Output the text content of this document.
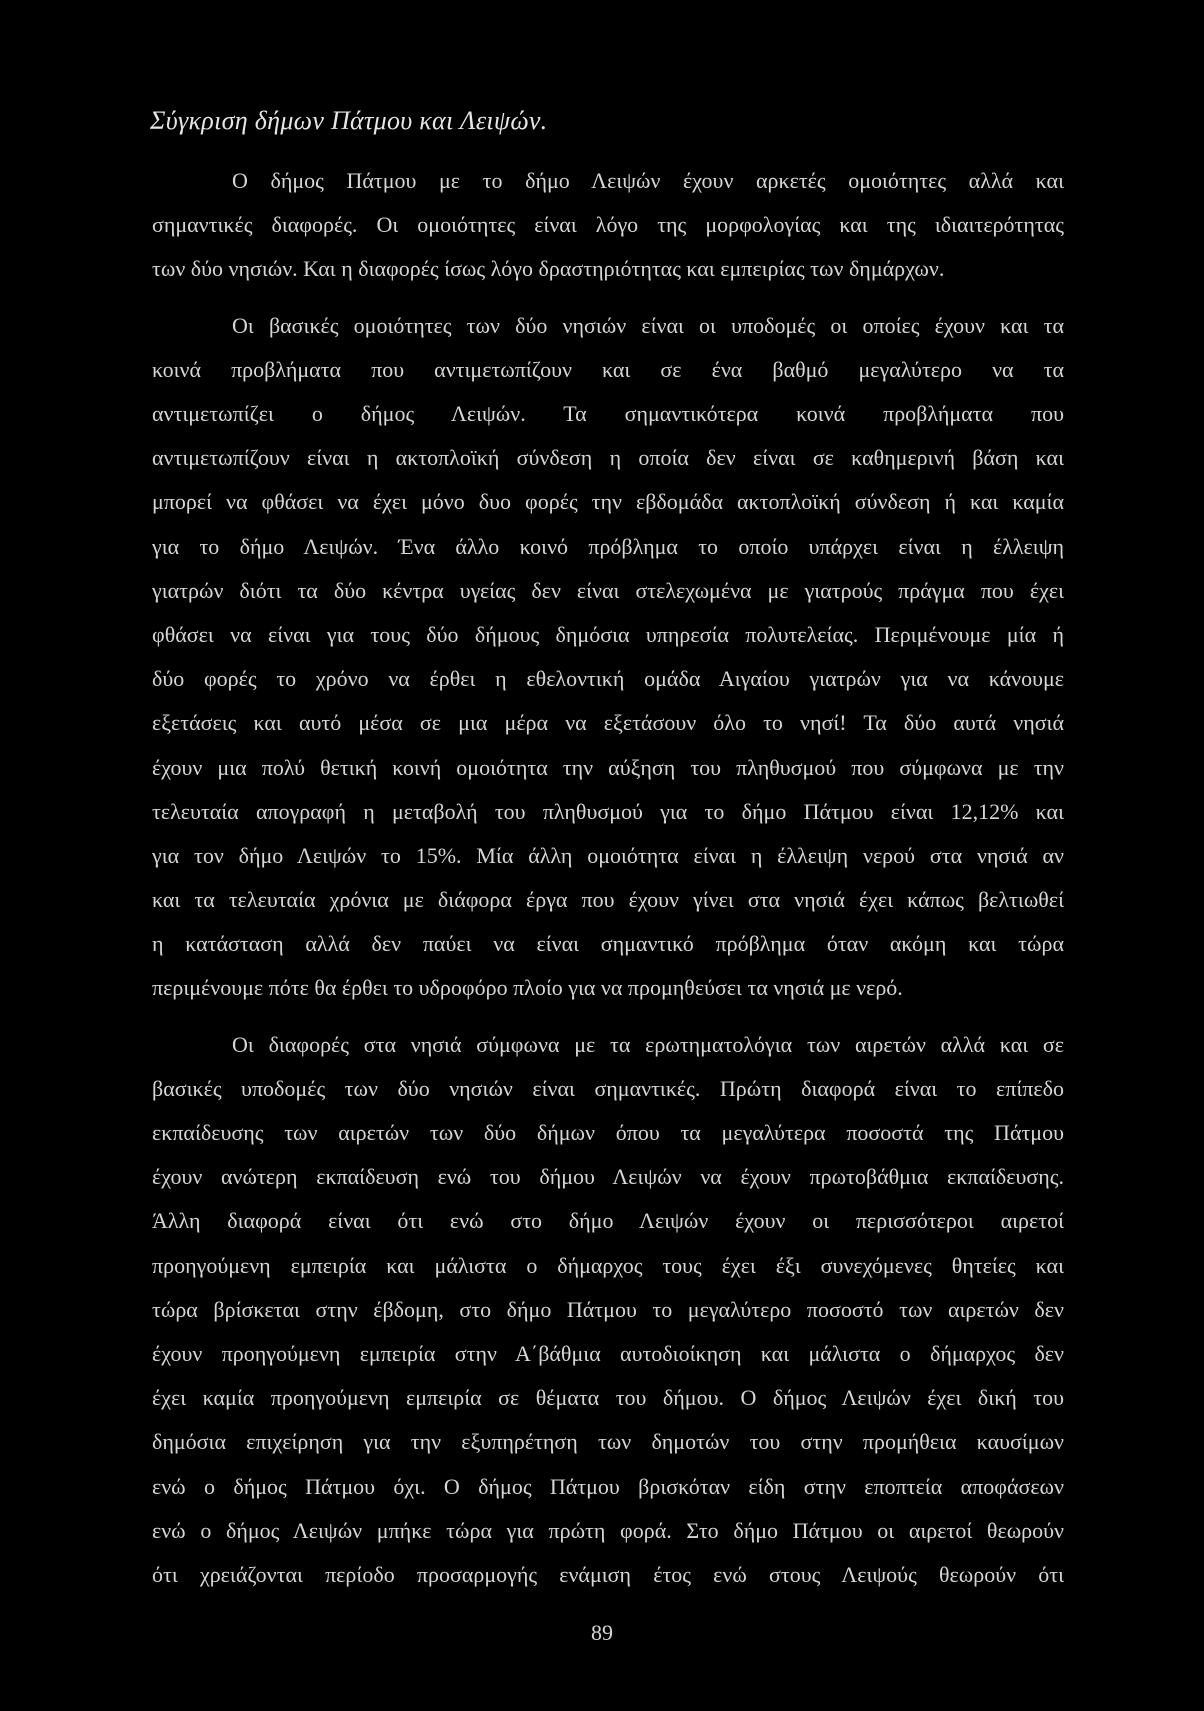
Σύγκριση δήμων Πάτμου και Λειψών.
Ο δήμος Πάτμου με το δήμο Λειψών έχουν αρκετές ομοιότητες αλλά και
σημαντικές διαφορές. Οι ομοιότητες είναι λόγο της μορφολογίας και της ιδιαιτερότητας
των δύο νησιών. Και η διαφορές ίσως λόγο δραστηριότητας και εμπειρίας των δημάρχων.
Οι βασικές ομοιότητες των δύο νησιών είναι οι υποδομές οι οποίες έχουν και τα
κοινά προβλήματα που αντιμετωπίζουν και σε ένα βαθμό μεγαλύτερο να τα
αντιμετωπίζει ο δήμος Λειψών. Τα σημαντικότερα κοινά προβλήματα που
αντιμετωπίζουν είναι η ακτοπλοϊκή σύνδεση η οποία δεν είναι σε καθημερινή βάση και
μπορεί να φθάσει να έχει μόνο δυο φορές την εβδομάδα ακτοπλοϊκή σύνδεση ή και καμία
για το δήμο Λειψών. Ένα άλλο κοινό πρόβλημα το οποίο υπάρχει είναι η έλλειψη
γιατρών διότι τα δύο κέντρα υγείας δεν είναι στελεχωμένα με γιατρούς πράγμα που έχει
φθάσει να είναι για τους δύο δήμους δημόσια υπηρεσία πολυτελείας. Περιμένουμε μία ή
δύο φορές το χρόνο να έρθει η εθελοντική ομάδα Αιγαίου γιατρών για να κάνουμε
εξετάσεις και αυτό μέσα σε μια μέρα να εξετάσουν όλο το νησί! Τα δύο αυτά νησιά
έχουν μια πολύ θετική κοινή ομοιότητα την αύξηση του πληθυσμού που σύμφωνα με την
τελευταία απογραφή η μεταβολή του πληθυσμού για το δήμο Πάτμου είναι 12,12% και
για τον δήμο Λειψών το 15%. Μία άλλη ομοιότητα είναι η έλλειψη νερού στα νησιά αν
και τα τελευταία χρόνια με διάφορα έργα που έχουν γίνει στα νησιά έχει κάπως βελτιωθεί
η κατάσταση αλλά δεν παύει να είναι σημαντικό πρόβλημα όταν ακόμη και τώρα
περιμένουμε πότε θα έρθει το υδροφόρο πλοίο για να προμηθεύσει τα νησιά με νερό.
Οι διαφορές στα νησιά σύμφωνα με τα ερωτηματολόγια των αιρετών αλλά και σε
βασικές υποδομές των δύο νησιών είναι σημαντικές. Πρώτη διαφορά είναι το επίπεδο
εκπαίδευσης των αιρετών των δύο δήμων όπου τα μεγαλύτερα ποσοστά της Πάτμου
έχουν ανώτερη εκπαίδευση ενώ του δήμου Λειψών να έχουν πρωτοβάθμια εκπαίδευσης.
Άλλη διαφορά είναι ότι ενώ στο δήμο Λειψών έχουν οι περισσότεροι αιρετοί
προηγούμενη εμπειρία και μάλιστα ο δήμαρχος τους έχει έξι συνεχόμενες θητείες και
τώρα βρίσκεται στην έβδομη, στο δήμο Πάτμου το μεγαλύτερο ποσοστό των αιρετών δεν
έχουν προηγούμενη εμπειρία στην Α΄βάθμια αυτοδιοίκηση και μάλιστα ο δήμαρχος δεν
έχει καμία προηγούμενη εμπειρία σε θέματα του δήμου. Ο δήμος Λειψών έχει δική του
δημόσια επιχείρηση για την εξυπηρέτηση των δημοτών του στην προμήθεια καυσίμων
ενώ ο δήμος Πάτμου όχι. Ο δήμος Πάτμου βρισκόταν είδη στην εποπτεία αποφάσεων
ενώ ο δήμος Λειψών μπήκε τώρα για πρώτη φορά. Στο δήμο Πάτμου οι αιρετοί θεωρούν
ότι χρειάζονται περίοδο προσαρμογής ενάμιση έτος ενώ στους Λειψούς θεωρούν ότι
89
